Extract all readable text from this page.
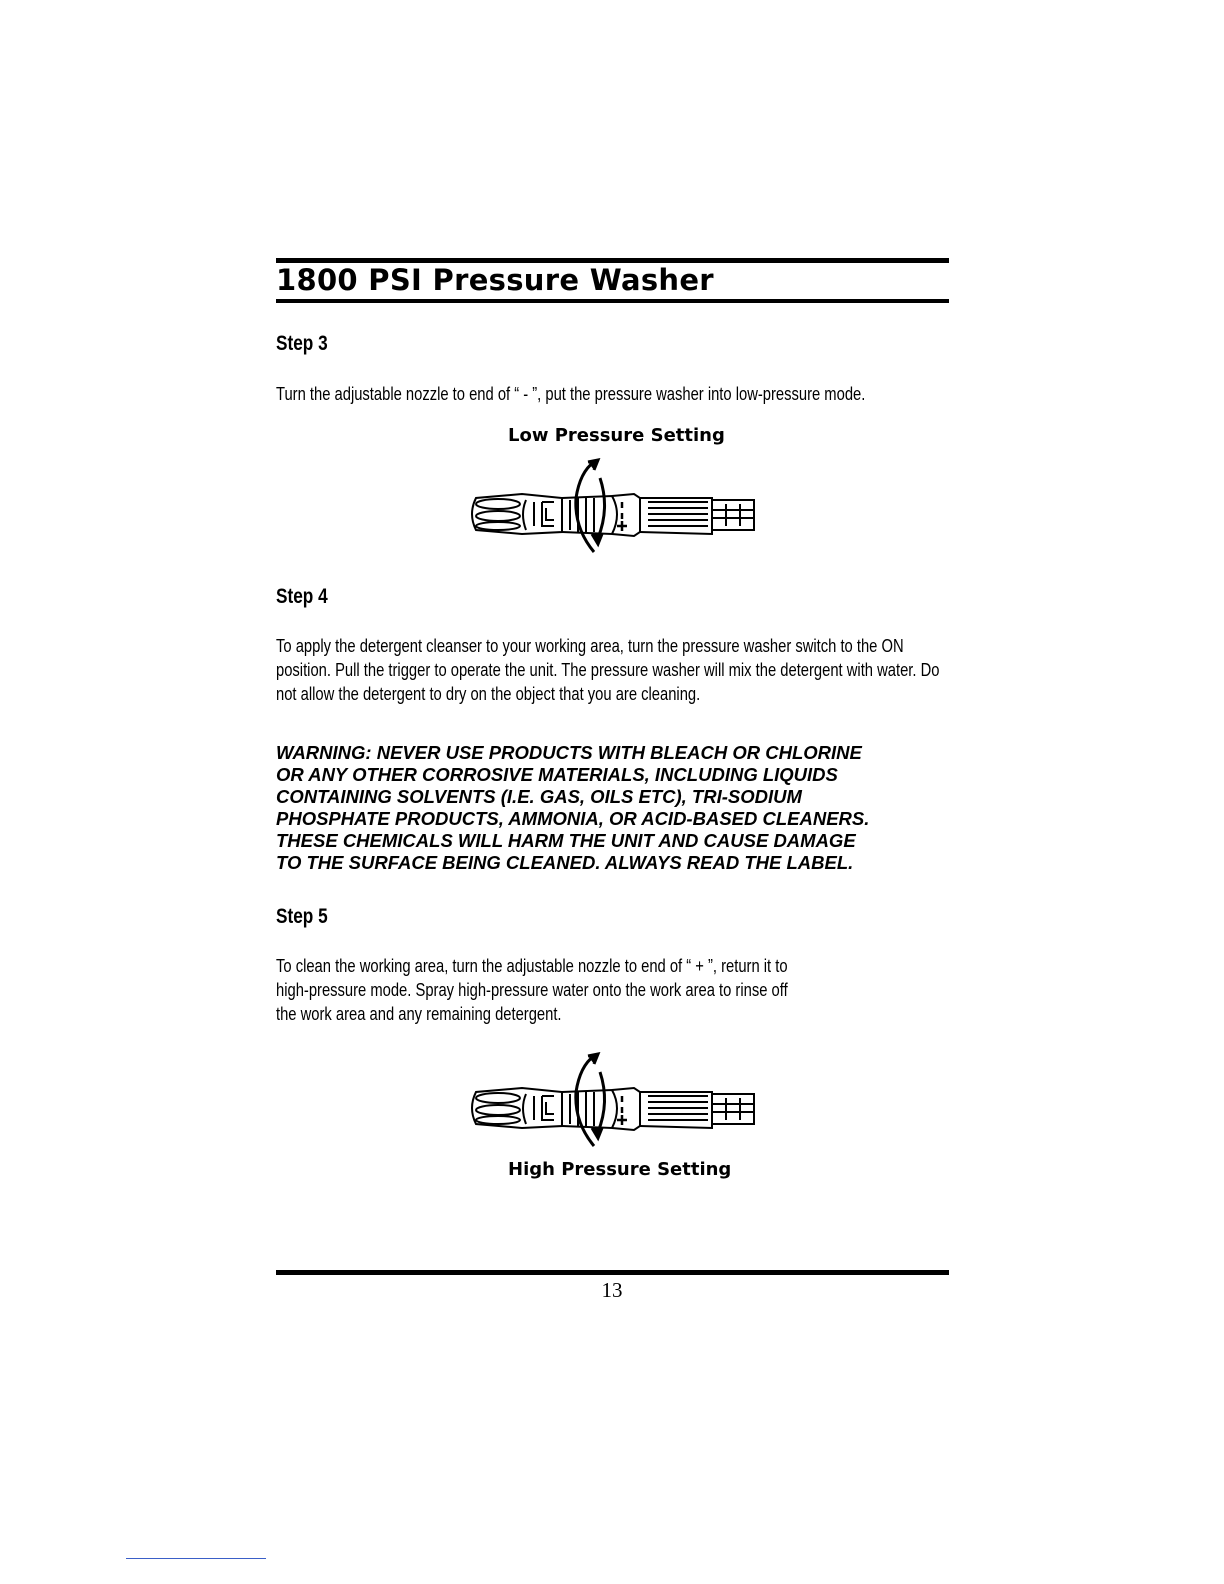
1800 PSI Pressure Washer
Step 3
Turn the adjustable nozzle to end of “ - ”, put the pressure washer into low-pressure mode.
Low Pressure Setting
Step 4
To apply the detergent cleanser to your working area, turn the pressure washer switch to the ON position. Pull the trigger to operate the unit. The pressure washer will mix the detergent with water. Do not allow the detergent to dry on the object that you are cleaning.
WARNING: NEVER USE PRODUCTS WITH BLEACH OR CHLORINE
OR ANY OTHER CORROSIVE MATERIALS, INCLUDING LIQUIDS
CONTAINING SOLVENTS (I.E. GAS, OILS ETC), TRI-SODIUM
PHOSPHATE PRODUCTS, AMMONIA, OR ACID-BASED CLEANERS.
THESE CHEMICALS WILL HARM THE UNIT AND CAUSE DAMAGE
TO THE SURFACE BEING CLEANED. ALWAYS READ THE LABEL.
Step 5
To clean the working area, turn the adjustable nozzle to end of “ + ”, return it to
high-pressure mode. Spray high-pressure water onto the work area to rinse off
the work area and any remaining detergent.
High Pressure Setting
13
